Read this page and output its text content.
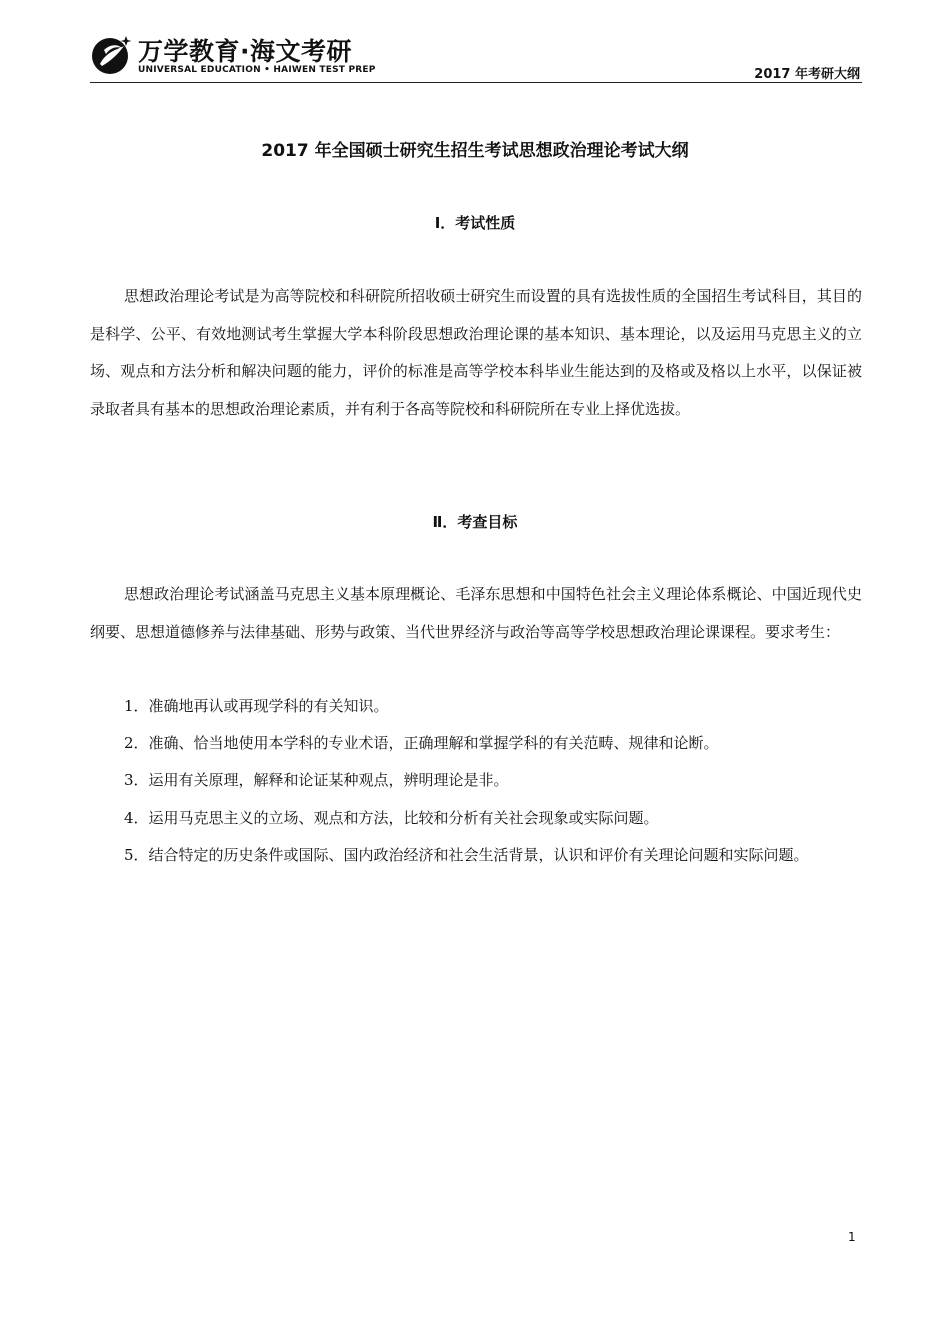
万学教育·海文考研
UNIVERSAL EDUCATION • HAIWEN TEST PREP	2017 年考研大纲
2017 年全国硕士研究生招生考试思想政治理论考试大纲
Ⅰ．考试性质

思想政治理论考试是为高等院校和科研院所招收硕士研究生而设置的具有选拔性质的全国招生考试科目，其目的是科学、公平、有效地测试考生掌握大学本科阶段思想政治理论课的基本知识、基本理论，以及运用马克思主义的立场、观点和方法分析和解决问题的能力，评价的标准是高等学校本科毕业生能达到的及格或及格以上水平，以保证被录取者具有基本的思想政治理论素质，并有利于各高等院校和科研院所在专业上择优选拔。

Ⅱ．考查目标

思想政治理论考试涵盖马克思主义基本原理概论、毛泽东思想和中国特色社会主义理论体系概论、中国近现代史纲要、思想道德修养与法律基础、形势与政策、当代世界经济与政治等高等学校思想政治理论课课程。要求考生：

1．准确地再认或再现学科的有关知识。

2．准确、恰当地使用本学科的专业术语，正确理解和掌握学科的有关范畴、规律和论断。

3．运用有关原理，解释和论证某种观点，辨明理论是非。

4．运用马克思主义的立场、观点和方法，比较和分析有关社会现象或实际问题。

5．结合特定的历史条件或国际、国内政治经济和社会生活背景，认识和评价有关理论问题和实际问题。

1
